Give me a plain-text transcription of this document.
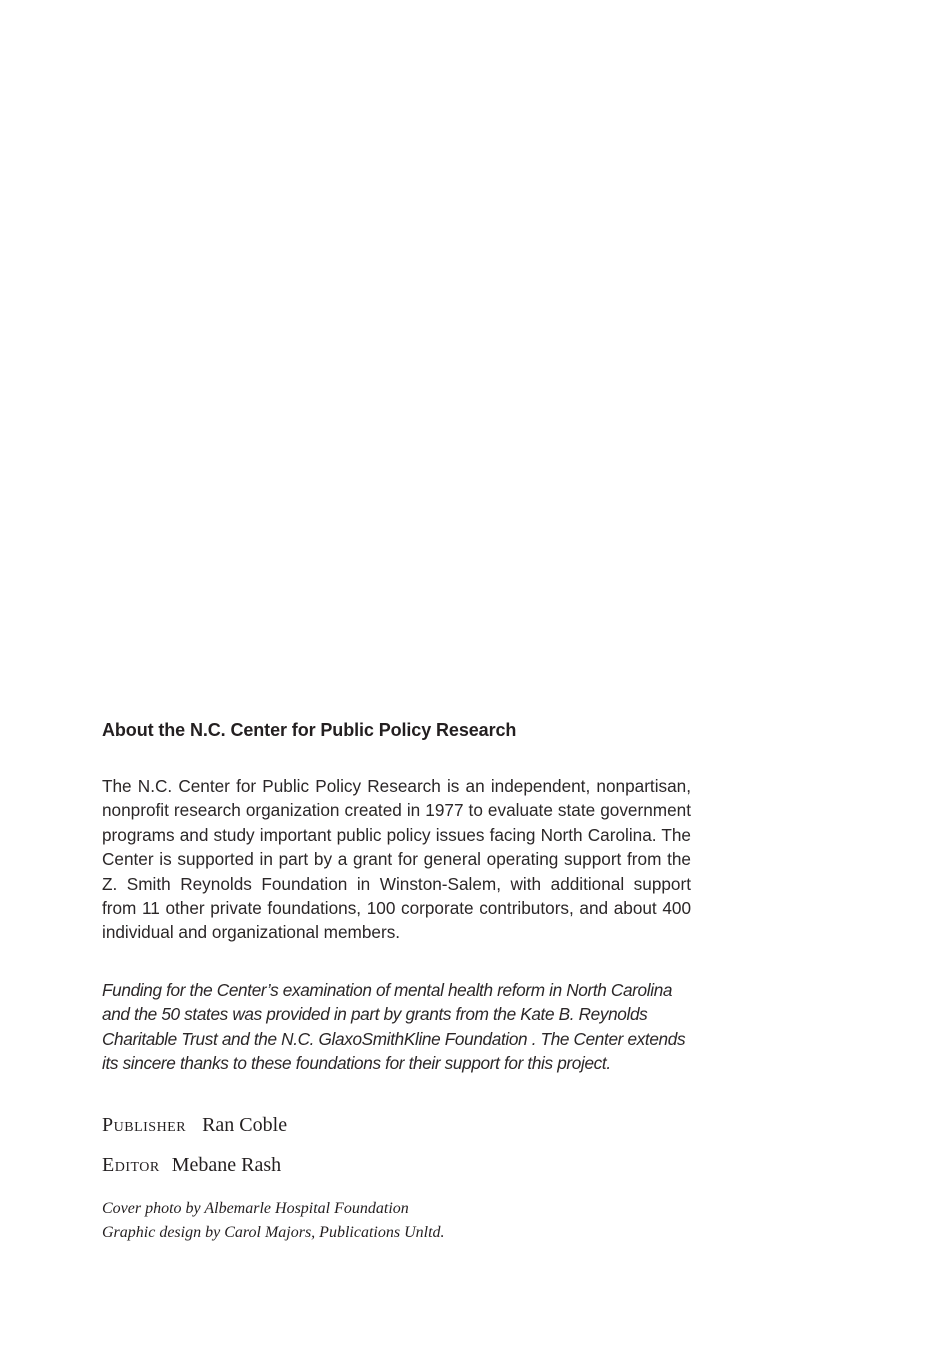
About the N.C. Center for Public Policy Research
The N.C. Center for Public Policy Research is an independent, nonpartisan, nonprofit research organization created in 1977 to evaluate state government programs and study important public policy issues facing North Carolina. The Center is supported in part by a grant for general operating support from the Z. Smith Reynolds Foundation in Winston-Salem, with additional support from 11 other private foundations, 100 corporate contributors, and about 400 individual and organizational members.
Funding for the Center’s examination of mental health reform in North Carolina and the 50 states was provided in part by grants from the Kate B. Reynolds Charitable Trust and the N.C. GlaxoSmithKline Foundation . The Center extends its sincere thanks to these foundations for their support for this project.
Publisher Ran Coble
Editor Mebane Rash
Cover photo by Albemarle Hospital Foundation
Graphic design by Carol Majors, Publications Unltd.
